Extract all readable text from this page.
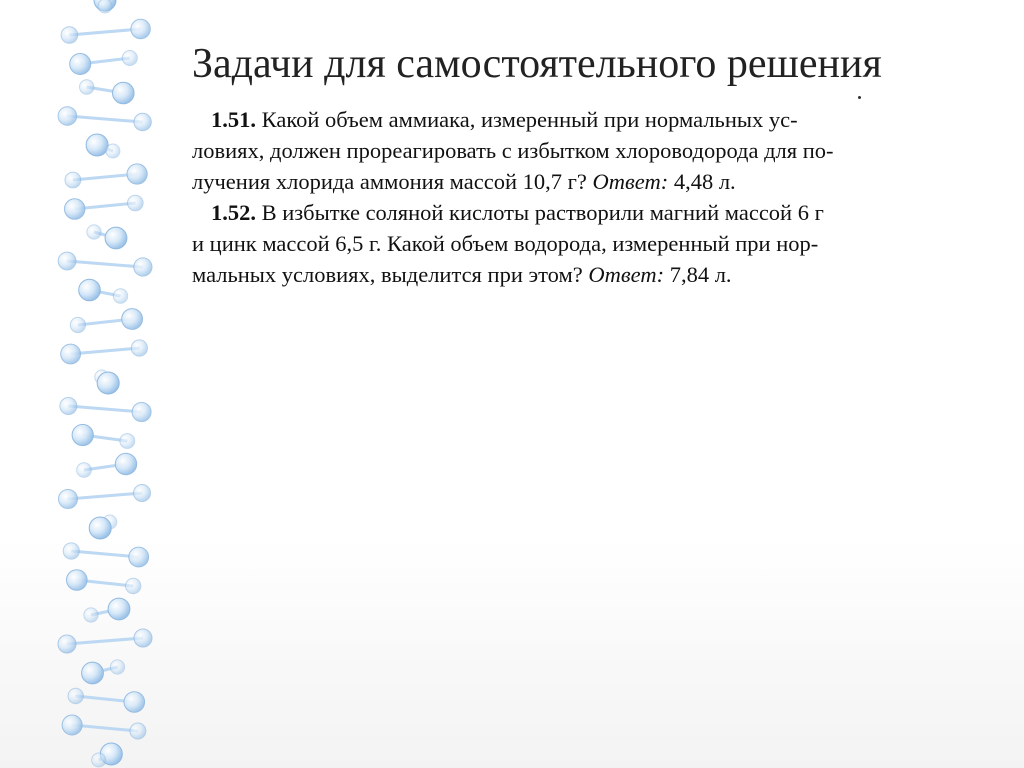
Задачи для самостоятельного решения
1.51. Какой объем аммиака, измеренный при нормальных ус-
ловиях, должен прореагировать с избытком хлороводорода для по-
лучения хлорида аммония массой 10,7 г? Ответ: 4,48 л.
1.52. В избытке соляной кислоты растворили магний массой 6 г
и цинк массой 6,5 г. Какой объем водорода, измеренный при нор-
мальных условиях, выделится при этом? Ответ: 7,84 л.
